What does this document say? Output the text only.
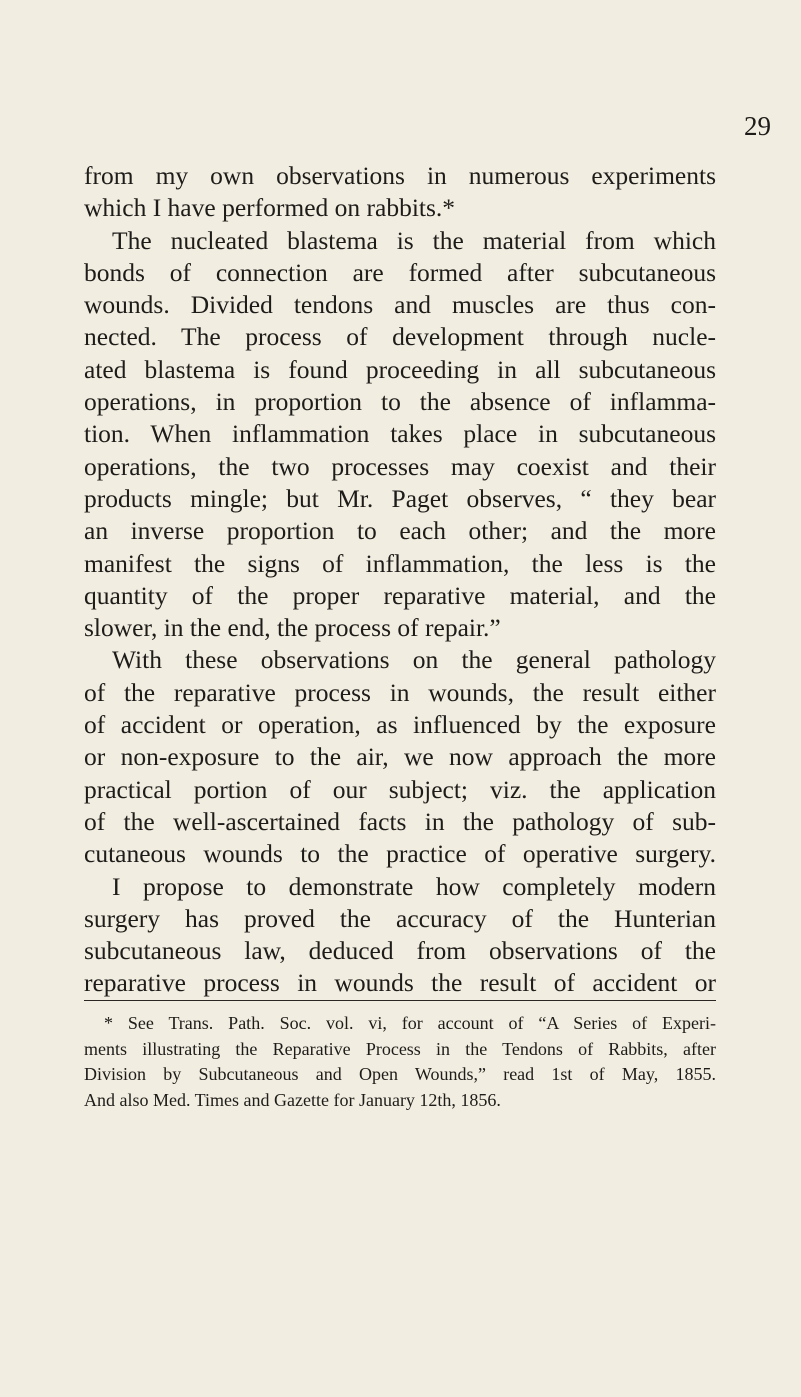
29
from my own observations in numerous experiments
which I have performed on rabbits.*
The nucleated blastema is the material from which
bonds of connection are formed after subcutaneous
wounds. Divided tendons and muscles are thus con-
nected. The process of development through nucle-
ated blastema is found proceeding in all subcutaneous
operations, in proportion to the absence of inflamma-
tion. When inflammation takes place in subcutaneous
operations, the two processes may coexist and their
products mingle; but Mr. Paget observes, “ they bear
an inverse proportion to each other; and the more
manifest the signs of inflammation, the less is the
quantity of the proper reparative material, and the
slower, in the end, the process of repair.”
With these observations on the general pathology
of the reparative process in wounds, the result either
of accident or operation, as influenced by the exposure
or non-exposure to the air, we now approach the more
practical portion of our subject; viz. the application
of the well-ascertained facts in the pathology of sub-
cutaneous wounds to the practice of operative surgery.
I propose to demonstrate how completely modern
surgery has proved the accuracy of the Hunterian
subcutaneous law, deduced from observations of the
reparative process in wounds the result of accident or
* See Trans. Path. Soc. vol. vi, for account of “A Series of Experi-
ments illustrating the Reparative Process in the Tendons of Rabbits, after
Division by Subcutaneous and Open Wounds,” read 1st of May, 1855.
And also Med. Times and Gazette for January 12th, 1856.
